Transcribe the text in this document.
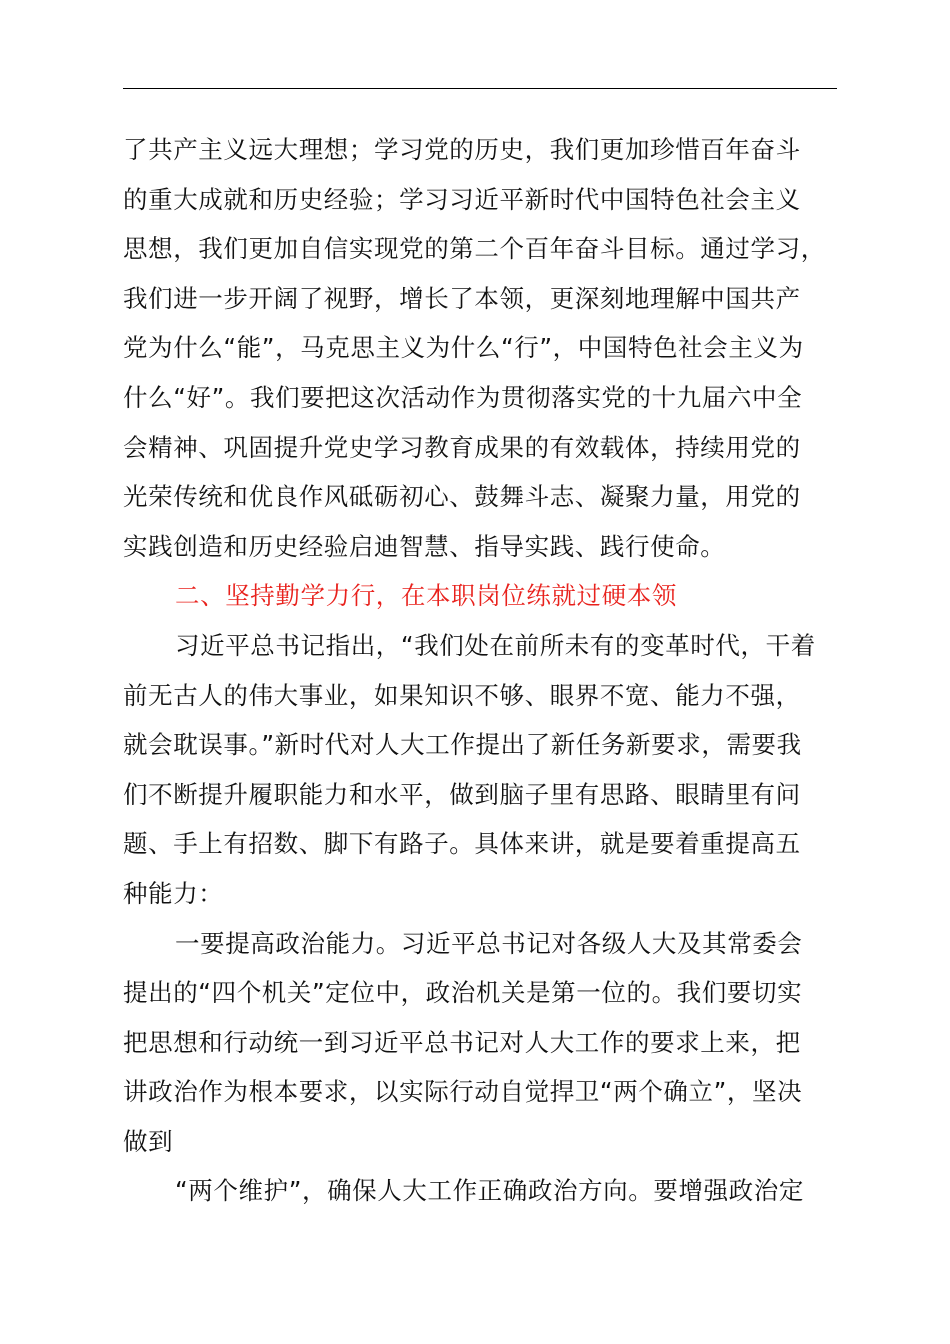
了共产主义远大理想；学习党的历史，我们更加珍惜百年奋斗
的重大成就和历史经验；学习习近平新时代中国特色社会主义
思想，我们更加自信实现党的第二个百年奋斗目标。通过学习，
我们进一步开阔了视野，增长了本领，更深刻地理解中国共产
党为什么“能”，马克思主义为什么“行”，中国特色社会主义为
什么“好”。我们要把这次活动作为贯彻落实党的十九届六中全
会精神、巩固提升党史学习教育成果的有效载体，持续用党的
光荣传统和优良作风砥砺初心、鼓舞斗志、凝聚力量，用党的
实践创造和历史经验启迪智慧、指导实践、践行使命。
二、坚持勤学力行，在本职岗位练就过硬本领
习近平总书记指出，“我们处在前所未有的变革时代，干着
前无古人的伟大事业，如果知识不够、眼界不宽、能力不强，
就会耽误事。”新时代对人大工作提出了新任务新要求，需要我
们不断提升履职能力和水平，做到脑子里有思路、眼睛里有问
题、手上有招数、脚下有路子。具体来讲，就是要着重提高五
种能力：
一要提高政治能力。习近平总书记对各级人大及其常委会
提出的“四个机关”定位中，政治机关是第一位的。我们要切实
把思想和行动统一到习近平总书记对人大工作的要求上来，把
讲政治作为根本要求，以实际行动自觉捍卫“两个确立”，坚决
做到
“两个维护”，确保人大工作正确政治方向。要增强政治定
